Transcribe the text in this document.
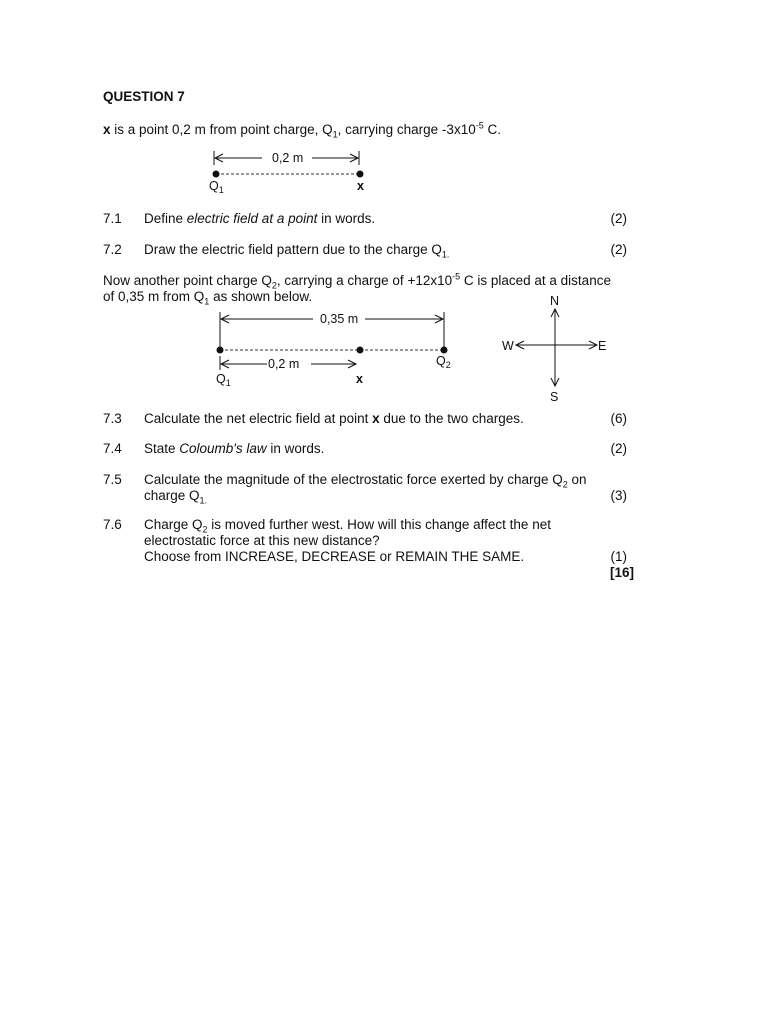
QUESTION 7
x is a point 0,2 m from point charge, $Q_1$, carrying charge $-3x10^{-5}$ C.
0,2 m
$Q_1$	x
7.1	Define electric field at a point in words.	(2)
7.2	Draw the electric field pattern due to the charge $Q_{1.}$	(2)
Now another point charge $Q_2$, carrying a charge of $+12x10^{-5}$ C is placed at a distance
of 0,35 m from $Q_1$ as shown below.
0,35 m
0,2 m
$Q_1$	x
$Q_2$
N
S
W	E
7.3	Calculate the net electric field at point x due to the two charges.	(6)
7.4	State Coloumb's law in words.	(2)
7.5	Calculate the magnitude of the electrostatic force exerted by charge $Q_2$ on
charge $Q_{1.}$	(3)
7.6	Charge $Q_2$ is moved further west. How will this change affect the net
electrostatic force at this new distance?
Choose from INCREASE, DECREASE or REMAIN THE SAME.	(1)
[16]
